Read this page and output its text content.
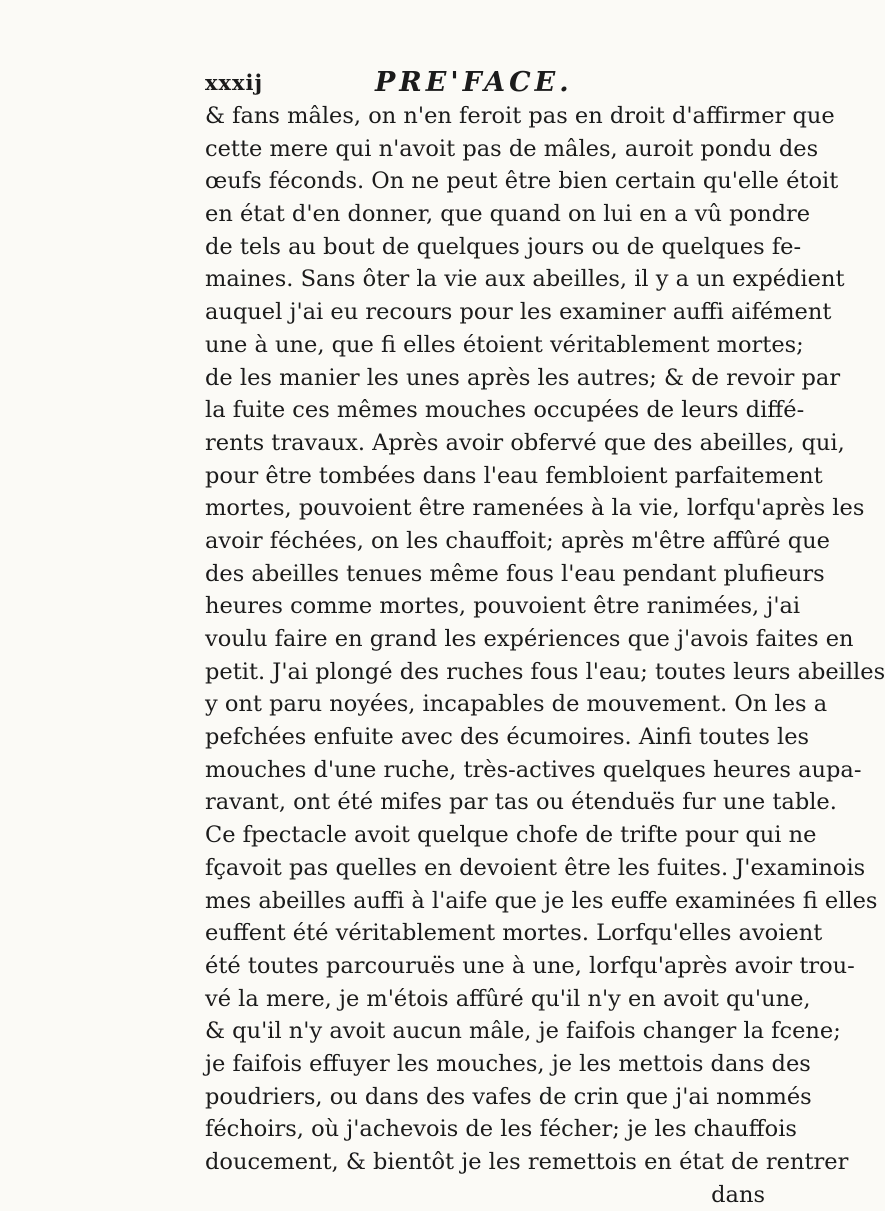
xxxij	PRE'FACE.
& fans mâles, on n'en feroit pas en droit d'affirmer que
cette mere qui n'avoit pas de mâles, auroit pondu des
œufs féconds. On ne peut être bien certain qu'elle étoit
en état d'en donner, que quand on lui en a vû pondre
de tels au bout de quelques jours ou de quelques fe-
maines. Sans ôter la vie aux abeilles, il y a un expédient
auquel j'ai eu recours pour les examiner auffi aifément
une à une, que fi elles étoient véritablement mortes;
de les manier les unes après les autres; & de revoir par
la fuite ces mêmes mouches occupées de leurs diffé-
rents travaux. Après avoir obfervé que des abeilles, qui,
pour être tombées dans l'eau fembloient parfaitement
mortes, pouvoient être ramenées à la vie, lorfqu'après les
avoir féchées, on les chauffoit; après m'être affûré que
des abeilles tenues même fous l'eau pendant plufieurs
heures comme mortes, pouvoient être ranimées, j'ai
voulu faire en grand les expériences que j'avois faites en
petit. J'ai plongé des ruches fous l'eau; toutes leurs abeilles
y ont paru noyées, incapables de mouvement. On les a
pefchées enfuite avec des écumoires. Ainfi toutes les
mouches d'une ruche, très-actives quelques heures aupa-
ravant, ont été mifes par tas ou étenduës fur une table.
Ce fpectacle avoit quelque chofe de trifte pour qui ne
fçavoit pas quelles en devoient être les fuites. J'examinois
mes abeilles auffi à l'aife que je les euffe examinées fi elles
euffent été véritablement mortes. Lorfqu'elles avoient
été toutes parcouruës une à une, lorfqu'après avoir trou-
vé la mere, je m'étois affûré qu'il n'y en avoit qu'une,
& qu'il n'y avoit aucun mâle, je faifois changer la fcene;
je faifois effuyer les mouches, je les mettois dans des
poudriers, ou dans des vafes de crin que j'ai nommés
féchoirs, où j'achevois de les fécher; je les chauffois
doucement, & bientôt je les remettois en état de rentrer
dans
